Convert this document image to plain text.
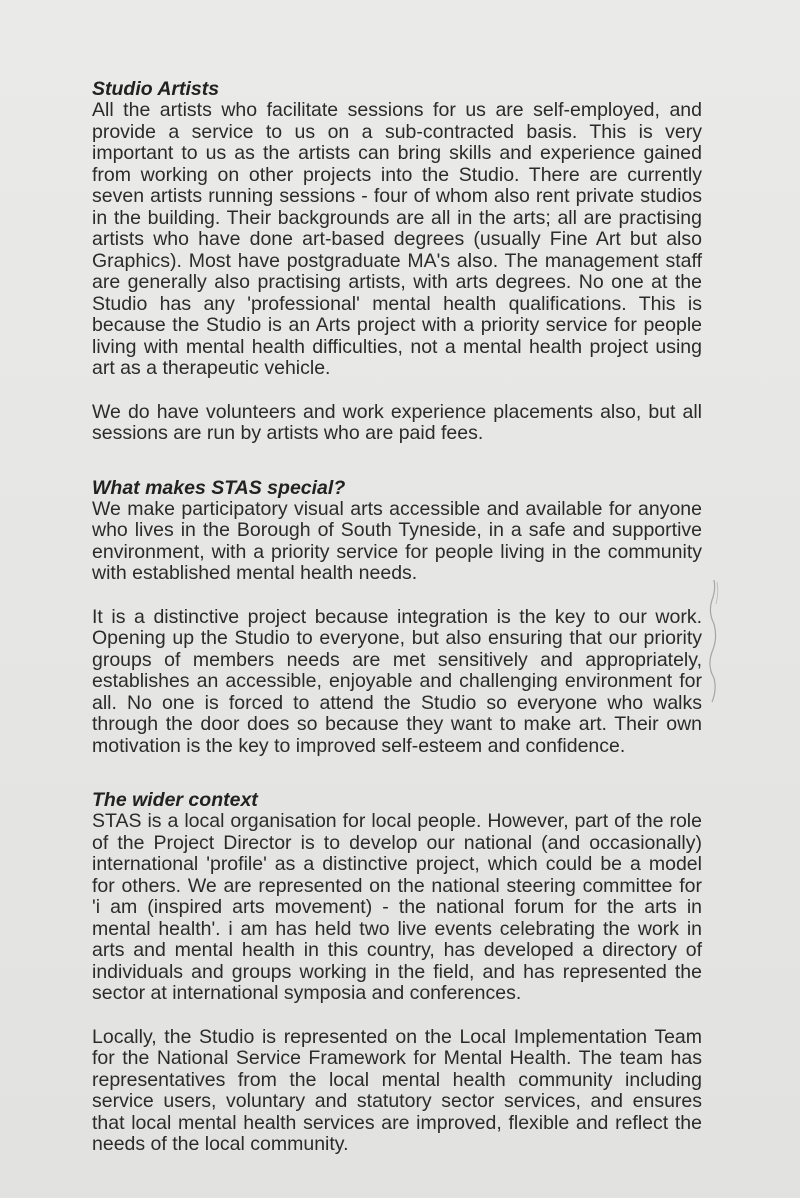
Studio Artists

All the artists who facilitate sessions for us are self-employed, and provide a service to us on a sub-contracted basis. This is very important to us as the artists can bring skills and experience gained from working on other projects into the Studio. There are currently seven artists running sessions - four of whom also rent private studios in the building. Their backgrounds are all in the arts; all are practising artists who have done art-based degrees (usually Fine Art but also Graphics). Most have postgraduate MA's also. The management staff are generally also practising artists, with arts degrees. No one at the Studio has any 'professional' mental health qualifications. This is because the Studio is an Arts project with a priority service for people living with mental health difficulties, not a mental health project using art as a therapeutic vehicle.

We do have volunteers and work experience placements also, but all sessions are run by artists who are paid fees.

What makes STAS special?

We make participatory visual arts accessible and available for anyone who lives in the Borough of South Tyneside, in a safe and supportive environment, with a priority service for people living in the community with established mental health needs.

It is a distinctive project because integration is the key to our work. Opening up the Studio to everyone, but also ensuring that our priority groups of members needs are met sensitively and appropriately, establishes an accessible, enjoyable and challenging environment for all. No one is forced to attend the Studio so everyone who walks through the door does so because they want to make art. Their own motivation is the key to improved self-esteem and confidence.

The wider context

STAS is a local organisation for local people. However, part of the role of the Project Director is to develop our national (and occasionally) international 'profile' as a distinctive project, which could be a model for others. We are represented on the national steering committee for 'i am (inspired arts movement) - the national forum for the arts in mental health'. i am has held two live events celebrating the work in arts and mental health in this country, has developed a directory of individuals and groups working in the field, and has represented the sector at international symposia and conferences.

Locally, the Studio is represented on the Local Implementation Team for the National Service Framework for Mental Health. The team has representatives from the local mental health community including service users, voluntary and statutory sector services, and ensures that local mental health services are improved, flexible and reflect the needs of the local community.
